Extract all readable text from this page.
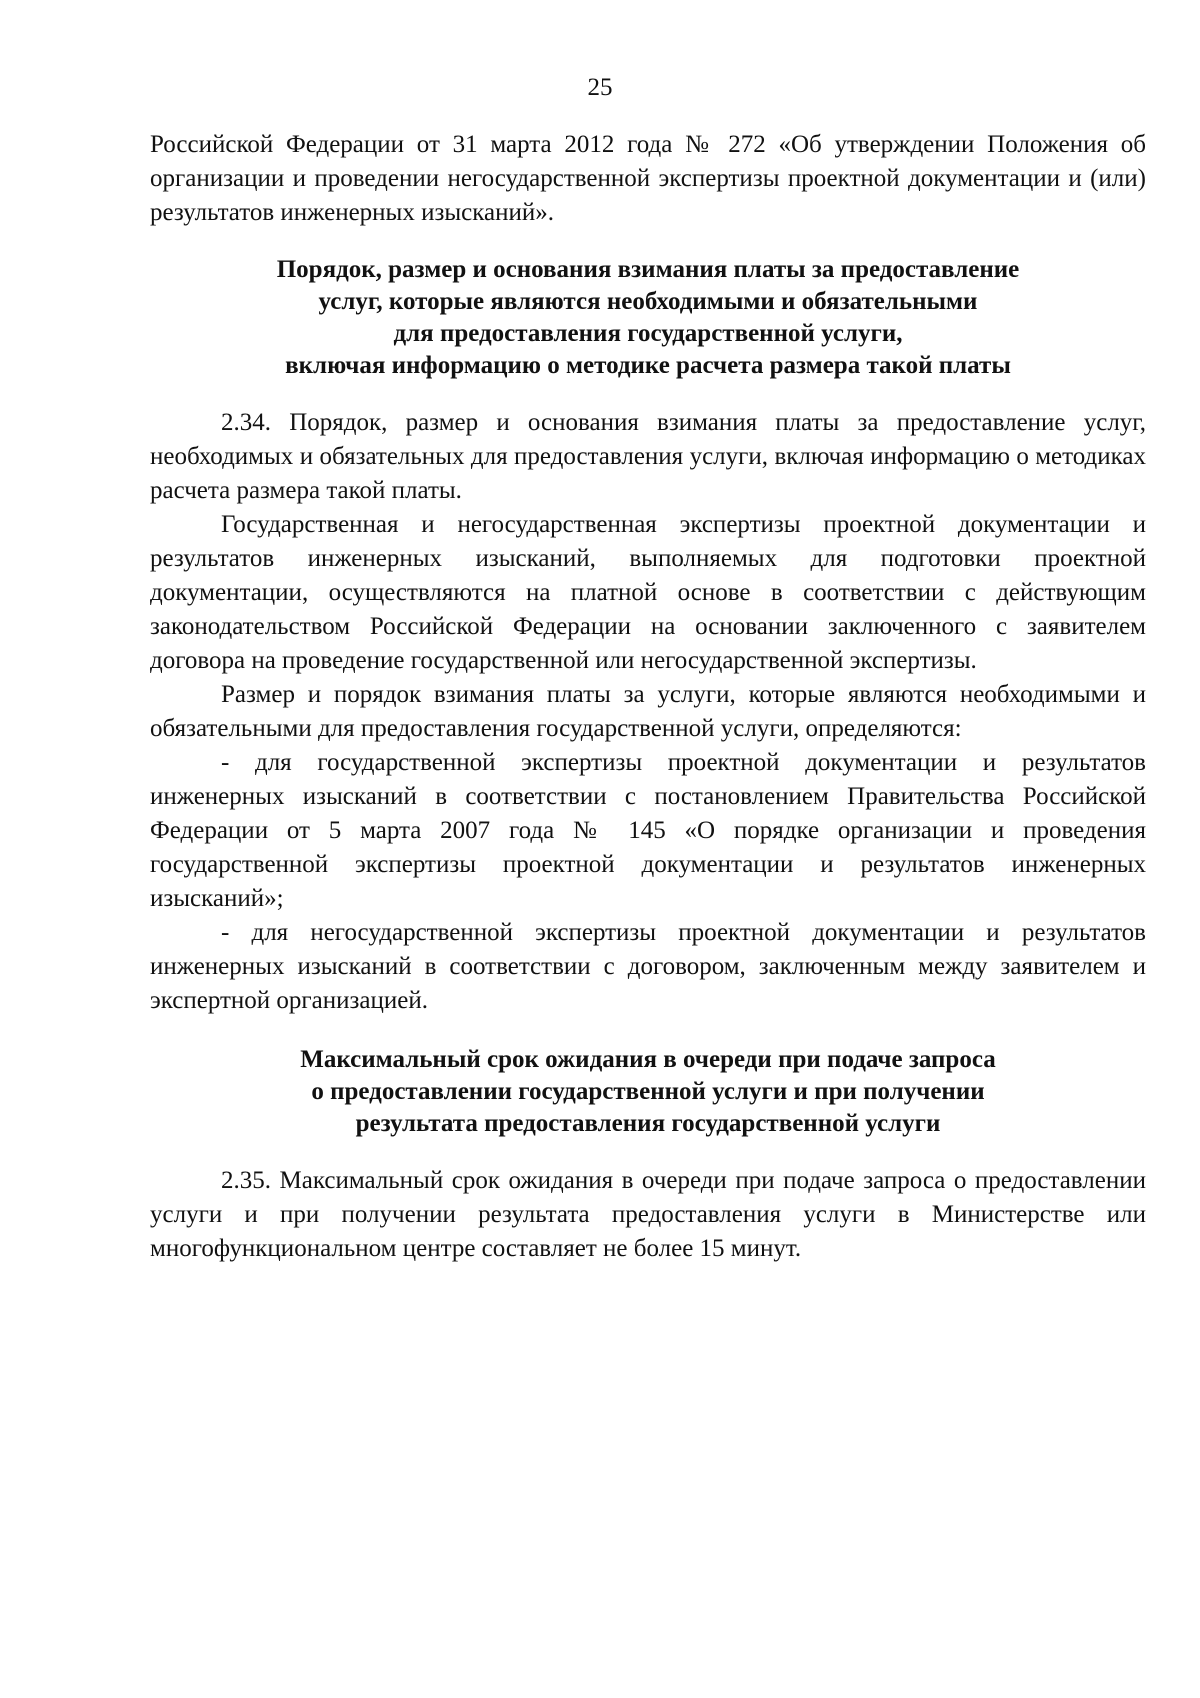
25

Российской Федерации от 31 марта 2012 года № 272 «Об утверждении Положения об организации и проведении негосударственной экспертизы проектной документации и (или) результатов инженерных изысканий».

Порядок, размер и основания взимания платы за предоставление
услуг, которые являются необходимыми и обязательными
для предоставления государственной услуги,
включая информацию о методике расчета размера такой платы

2.34. Порядок, размер и основания взимания платы за предоставление услуг, необходимых и обязательных для предоставления услуги, включая информацию о методиках расчета размера такой платы.

Государственная и негосударственная экспертизы проектной документации и результатов инженерных изысканий, выполняемых для подготовки проектной документации, осуществляются на платной основе в соответствии с действующим законодательством Российской Федерации на основании заключенного с заявителем договора на проведение государственной или негосударственной экспертизы.

Размер и порядок взимания платы за услуги, которые являются необходимыми и обязательными для предоставления государственной услуги, определяются:

- для государственной экспертизы проектной документации и результатов инженерных изысканий в соответствии с постановлением Правительства Российской Федерации от 5 марта 2007 года № 145 «О порядке организации и проведения государственной экспертизы проектной документации и результатов инженерных изысканий»;

- для негосударственной экспертизы проектной документации и результатов инженерных изысканий в соответствии с договором, заключенным между заявителем и экспертной организацией.

Максимальный срок ожидания в очереди при подаче запроса
о предоставлении государственной услуги и при получении
результата предоставления государственной услуги

2.35. Максимальный срок ожидания в очереди при подаче запроса о предоставлении услуги и при получении результата предоставления услуги в Министерстве или многофункциональном центре составляет не более 15 минут.
